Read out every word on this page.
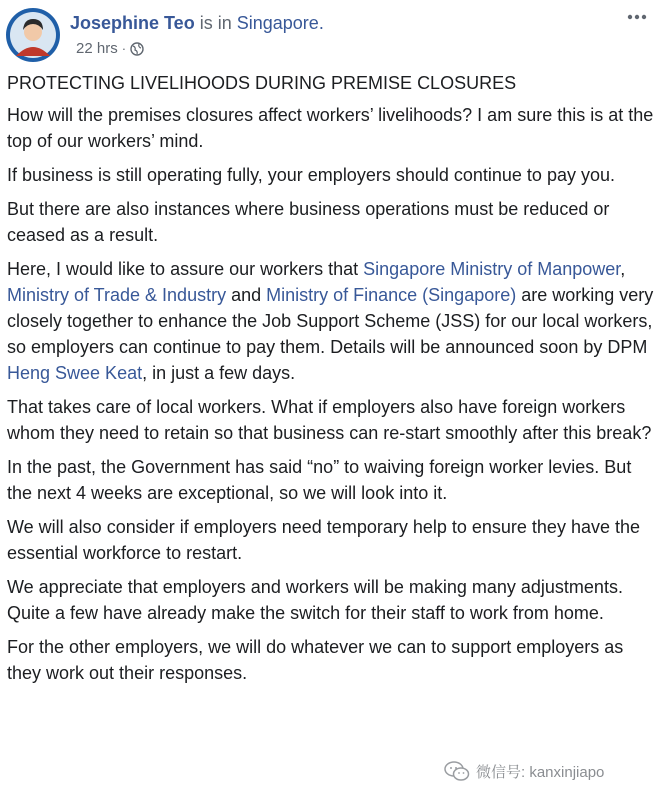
Josephine Teo is in Singapore.
22 hrs ·

PROTECTING LIVELIHOODS DURING PREMISE CLOSURES

How will the premises closures affect workers’ livelihoods? I am sure this is at the top of our workers’ mind.

If business is still operating fully, your employers should continue to pay you.

But there are also instances where business operations must be reduced or ceased as a result.

Here, I would like to assure our workers that Singapore Ministry of Manpower, Ministry of Trade & Industry and Ministry of Finance (Singapore) are working very closely together to enhance the Job Support Scheme (JSS) for our local workers, so employers can continue to pay them. Details will be announced soon by DPM Heng Swee Keat, in just a few days.

That takes care of local workers. What if employers also have foreign workers whom they need to retain so that business can re-start smoothly after this break?

In the past, the Government has said “no” to waiving foreign worker levies. But the next 4 weeks are exceptional, so we will look into it.

We will also consider if employers need temporary help to ensure they have the essential workforce to restart.

We appreciate that employers and workers will be making many adjustments. Quite a few have already make the switch for their staff to work from home.

For the other employers, we will do whatever we can to support employers as they work out their responses.

微信号: kanxinjiapo
